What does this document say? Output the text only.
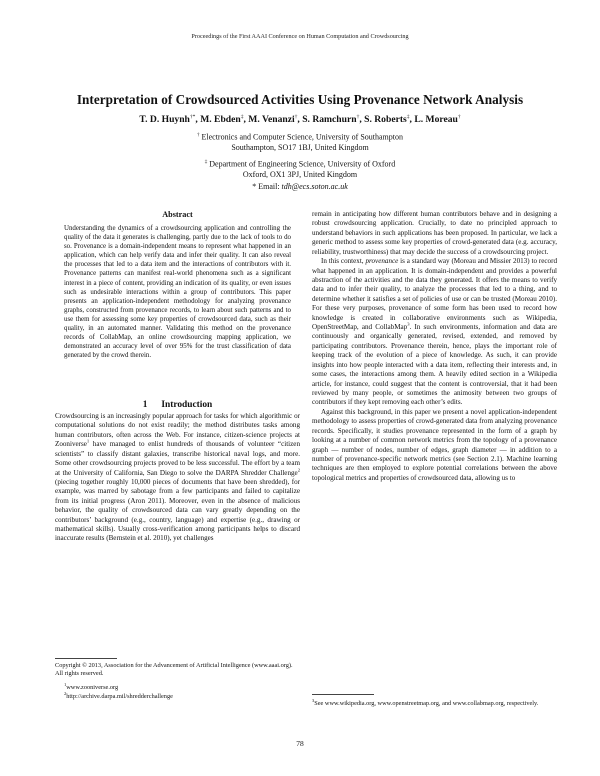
Proceedings of the First AAAI Conference on Human Computation and Crowdsourcing
Interpretation of Crowdsourced Activities Using Provenance Network Analysis
T. D. Huynh†*, M. Ebden‡, M. Venanzi†, S. Ramchurn†, S. Roberts‡, L. Moreau†
† Electronics and Computer Science, University of Southampton
Southampton, SO17 1BJ, United Kingdom
‡ Department of Engineering Science, University of Oxford
Oxford, OX1 3PJ, United Kingdom
* Email: tdh@ecs.soton.ac.uk
Abstract
Understanding the dynamics of a crowdsourcing application and controlling the quality of the data it generates is challenging, partly due to the lack of tools to do so. Provenance is a domain-independent means to represent what happened in an application, which can help verify data and infer their quality. It can also reveal the processes that led to a data item and the interactions of contributors with it. Provenance patterns can manifest real-world phenomena such as a significant interest in a piece of content, providing an indication of its quality, or even issues such as undesirable interactions within a group of contributors. This paper presents an application-independent methodology for analyzing provenance graphs, constructed from provenance records, to learn about such patterns and to use them for assessing some key properties of crowdsourced data, such as their quality, in an automated manner. Validating this method on the provenance records of CollabMap, an online crowdsourcing mapping application, we demonstrated an accuracy level of over 95% for the trust classification of data generated by the crowd therein.
1 Introduction

Crowdsourcing is an increasingly popular approach for tasks for which algorithmic or computational solutions do not exist readily; the method distributes tasks among human contributors, often across the Web. For instance, citizen-science projects at Zooniverse$^1$ have managed to enlist hundreds of thousands of volunteer “citizen scientists” to classify distant galaxies, transcribe historical naval logs, and more. Some other crowdsourcing projects proved to be less successful. The effort by a team at the University of California, San Diego to solve the DARPA Shredder Challenge$^2$ (piecing together roughly 10,000 pieces of documents that have been shredded), for example, was marred by sabotage from a few participants and failed to capitalize from its initial progress (Aron 2011). Moreover, even in the absence of malicious behavior, the quality of crowdsourced data can vary greatly depending on the contributors’ background (e.g., country, language) and expertise (e.g., drawing or mathematical skills). Usually cross-verification among participants helps to discard inaccurate results (Bernstein et al. 2010), yet challenges

remain in anticipating how different human contributors behave and in designing a robust crowdsourcing application. Crucially, to date no principled approach to understand behaviors in such applications has been proposed. In particular, we lack a generic method to assess some key properties of crowd-generated data (e.g. accuracy, reliability, trustworthiness) that may decide the success of a crowdsourcing project.

In this context, provenance is a standard way (Moreau and Missier 2013) to record what happened in an application. It is domain-independent and provides a powerful abstraction of the activities and the data they generated. It offers the means to verify data and to infer their quality, to analyze the processes that led to a thing, and to determine whether it satisfies a set of policies of use or can be trusted (Moreau 2010). For these very purposes, provenance of some form has been used to record how knowledge is created in collaborative environments such as Wikipedia, OpenStreetMap, and CollabMap$^3$. In such environments, information and data are continuously and organically generated, revised, extended, and removed by participating contributors. Provenance therein, hence, plays the important role of keeping track of the evolution of a piece of knowledge. As such, it can provide insights into how people interacted with a data item, reflecting their interests and, in some cases, the interactions among them. A heavily edited section in a Wikipedia article, for instance, could suggest that the content is controversial, that it had been reviewed by many people, or sometimes the animosity between two groups of contributors if they kept removing each other’s edits.

Against this background, in this paper we present a novel application-independent methodology to assess properties of crowd-generated data from analyzing provenance records. Specifically, it studies provenance represented in the form of a graph by looking at a number of common network metrics from the topology of a provenance graph — number of nodes, number of edges, graph diameter — in addition to a number of provenance-specific network metrics (see Section 2.1). Machine learning techniques are then employed to explore potential correlations between the above topological metrics and properties of crowdsourced data, allowing us to

Copyright © 2013, Association for the Advancement of Artificial Intelligence (www.aaai.org). All rights reserved.
$^1$www.zooniverse.org
$^2$http://archive.darpa.mil/shredderchallenge
$^3$See www.wikipedia.org, www.openstreetmap.org, and www.collabmap.org, respectively.
78
